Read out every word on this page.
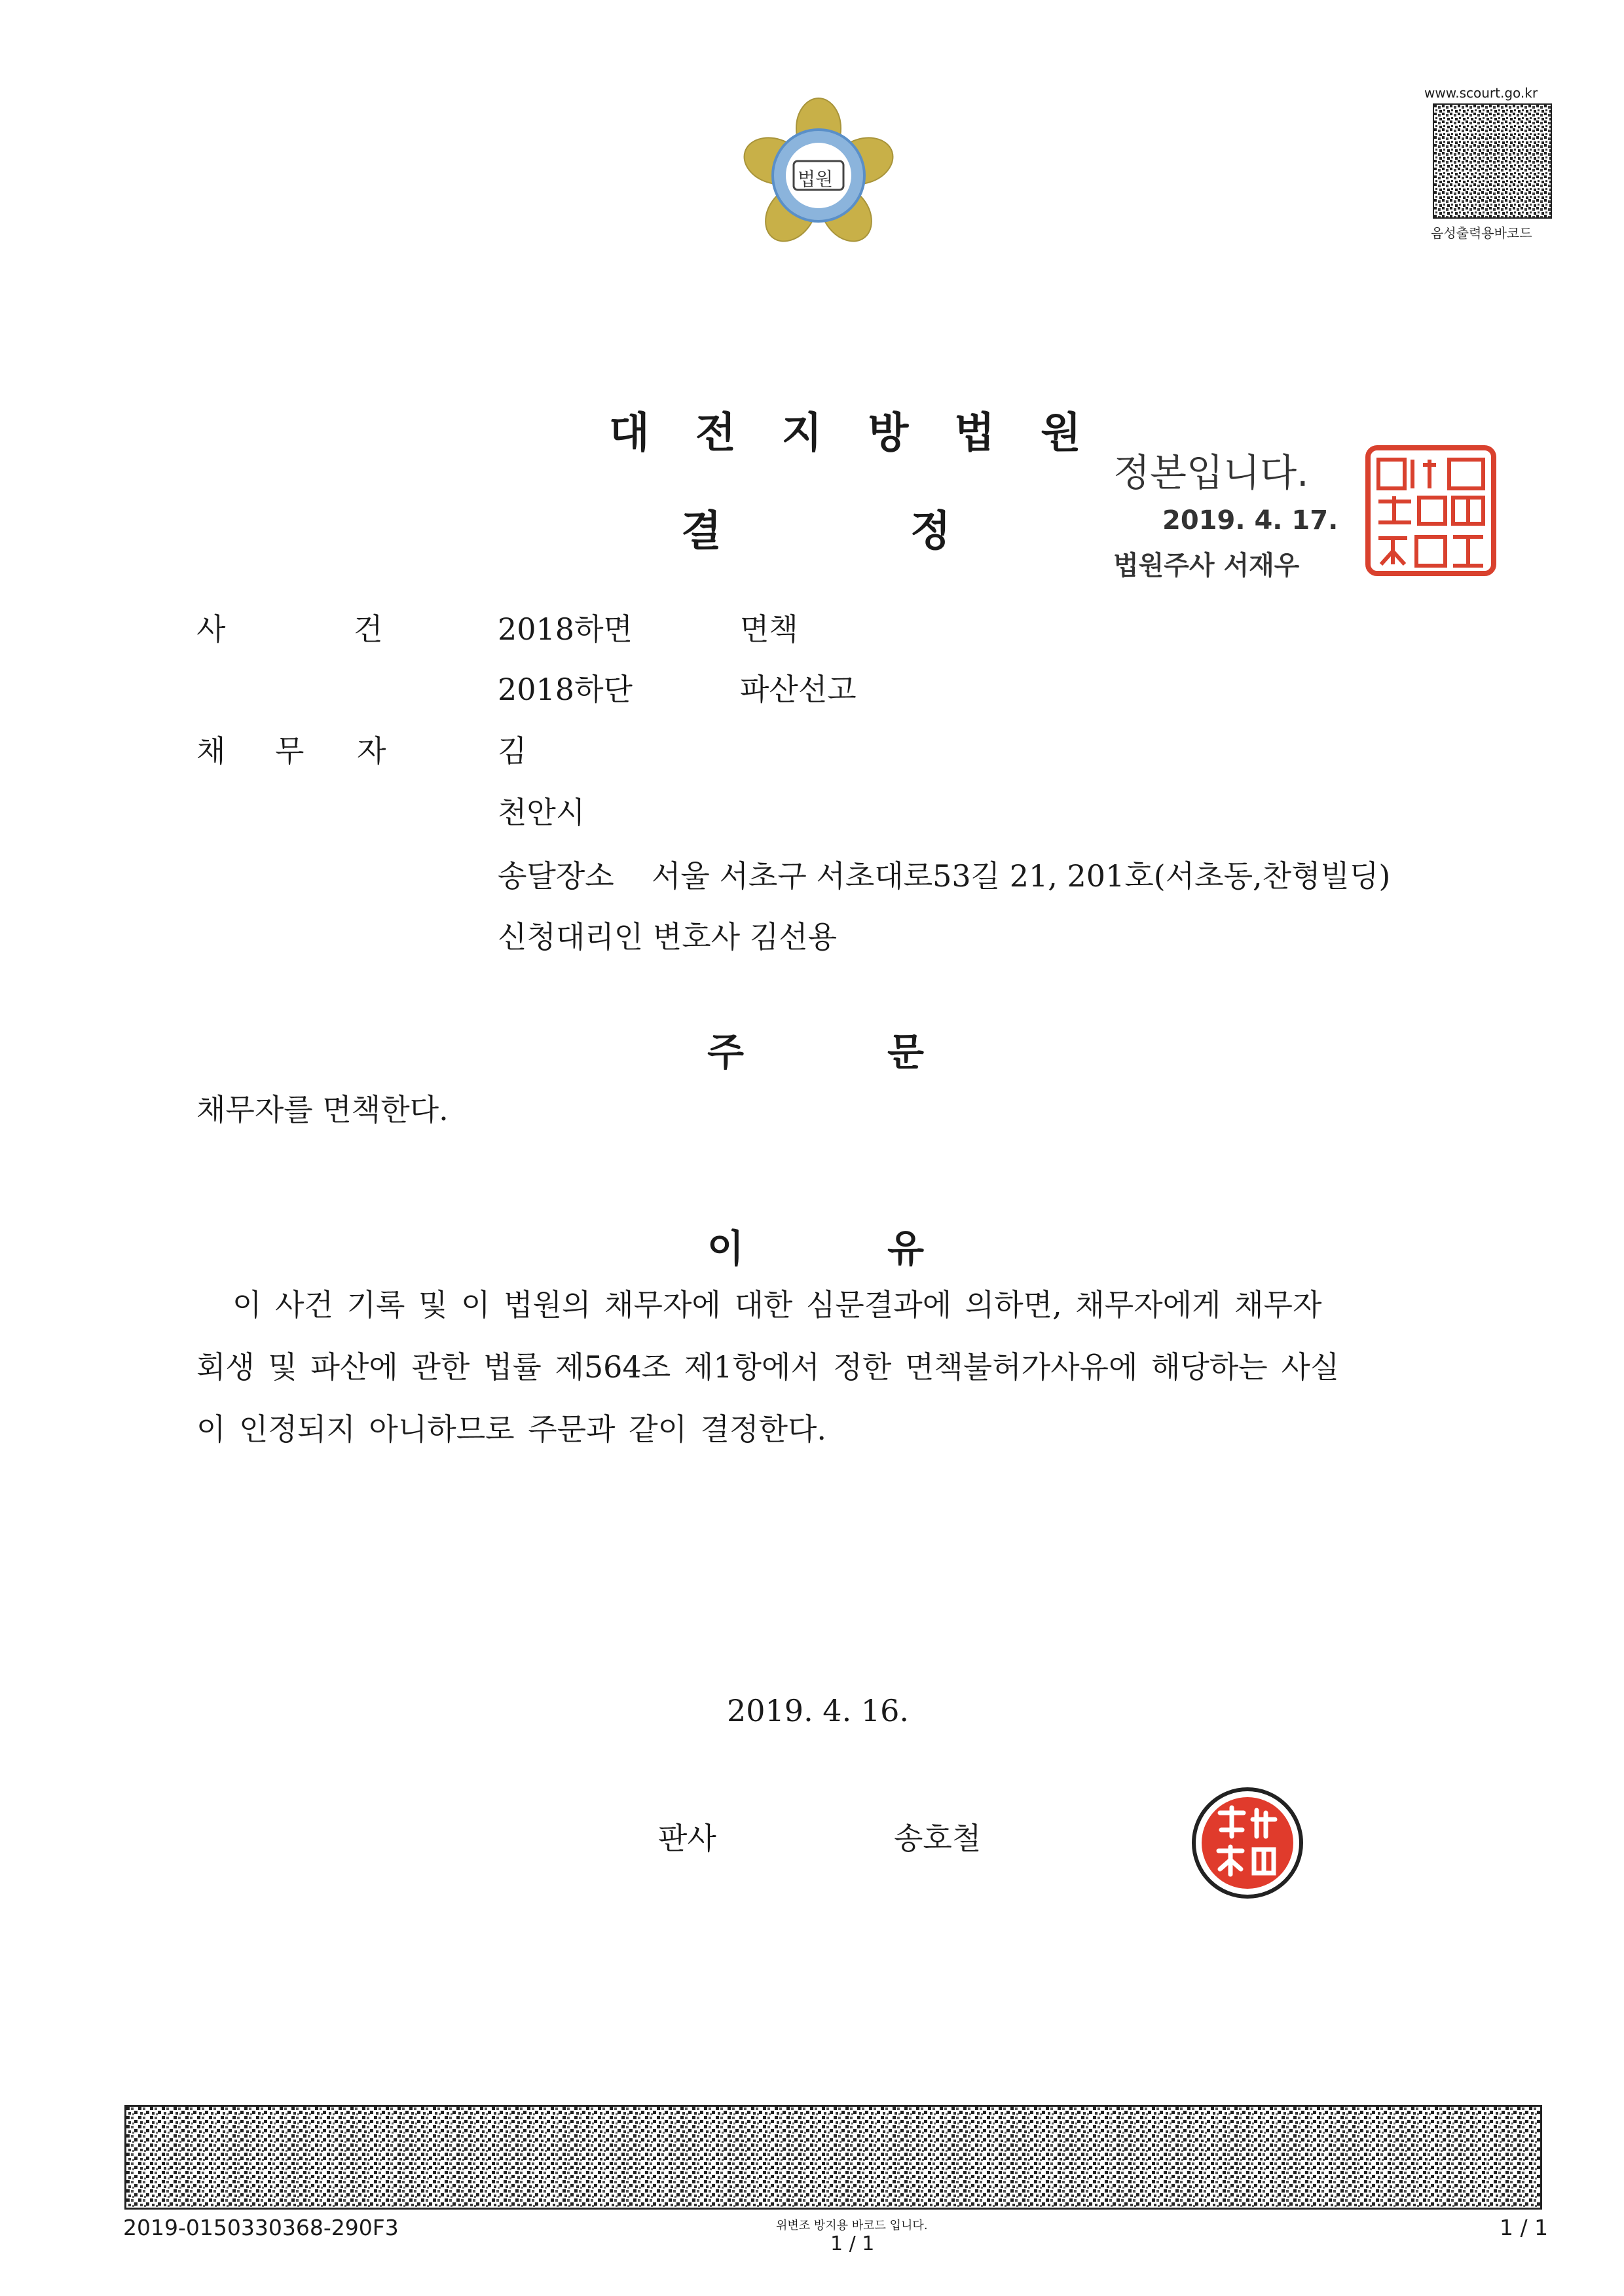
법원
www.scourt.go.kr
음성출력용바코드
대전지방법원
결	정
정본입니다.
2019. 4. 17.
법원주사 서재우
사	건	2018하면	면책
2018하단	파산선고
채 무 자	김
천안시
송달장소 서울 서초구 서초대로53길 21, 201호(서초동,찬형빌딩)
신청대리인 변호사 김선용
주	문
채무자를 면책한다.
이	유
이 사건 기록 및 이 법원의 채무자에 대한 심문결과에 의하면, 채무자에게 채무자
회생 및 파산에 관한 법률 제564조 제1항에서 정한 면책불허가사유에 해당하는 사실
이 인정되지 아니하므로 주문과 같이 결정한다.
2019. 4. 16.
판사	송호철
2019-0150330368-290F3	위변조 방지용 바코드 입니다.
1 / 1
1 / 1
